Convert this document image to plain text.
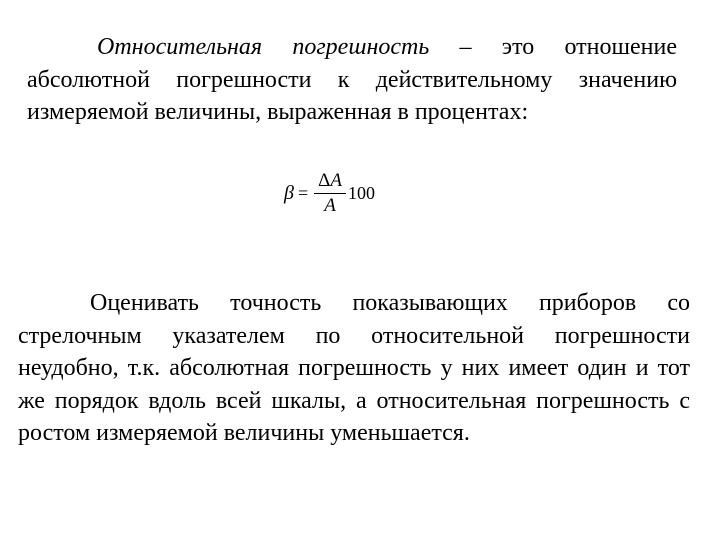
Относительная погрешность – это отношение абсолютной погрешности к действительному значению измеряемой величины, выраженная в процентах:

$\beta = \frac{\Delta A}{A} 100$

Оценивать точность показывающих приборов со стрелочным указателем по относительной погрешности неудобно, т.к. абсолютная погрешность у них имеет один и тот же порядок вдоль всей шкалы, а относительная погрешность с ростом измеряемой величины уменьшается.
